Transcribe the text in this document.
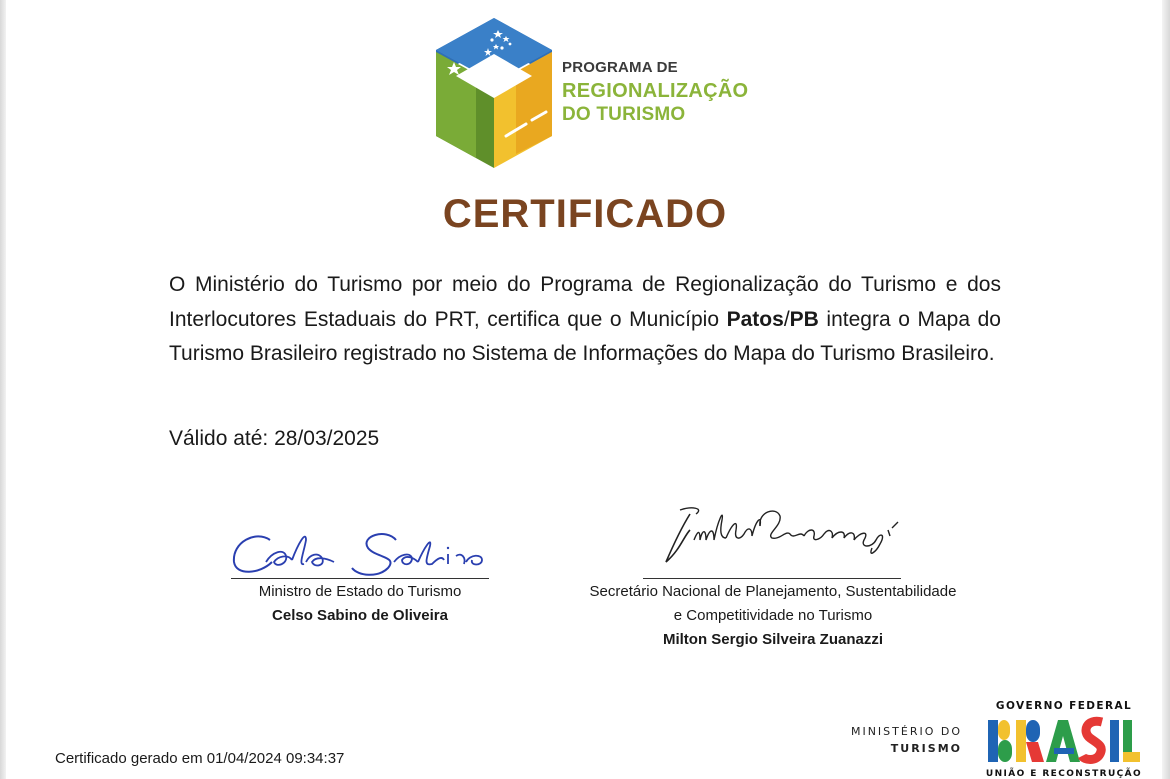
PROGRAMA DE
REGIONALIZAÇÃO
DO TURISMO
CERTIFICADO
O Ministério do Turismo por meio do Programa de Regionalização do Turismo e dos Interlocutores Estaduais do PRT, certifica que o Município Patos/PB integra o Mapa do Turismo Brasileiro registrado no Sistema de Informações do Mapa do Turismo Brasileiro.
Válido até: 28/03/2025
Ministro de Estado do Turismo
Celso Sabino de Oliveira
Secretário Nacional de Planejamento, Sustentabilidade
e Competitividade no Turismo
Milton Sergio Silveira Zuanazzi
Certificado gerado em 01/04/2024 09:34:37
MINISTÉRIO DO
TURISMO
GOVERNO FEDERAL
UNIÃO E RECONSTRUÇÃO
